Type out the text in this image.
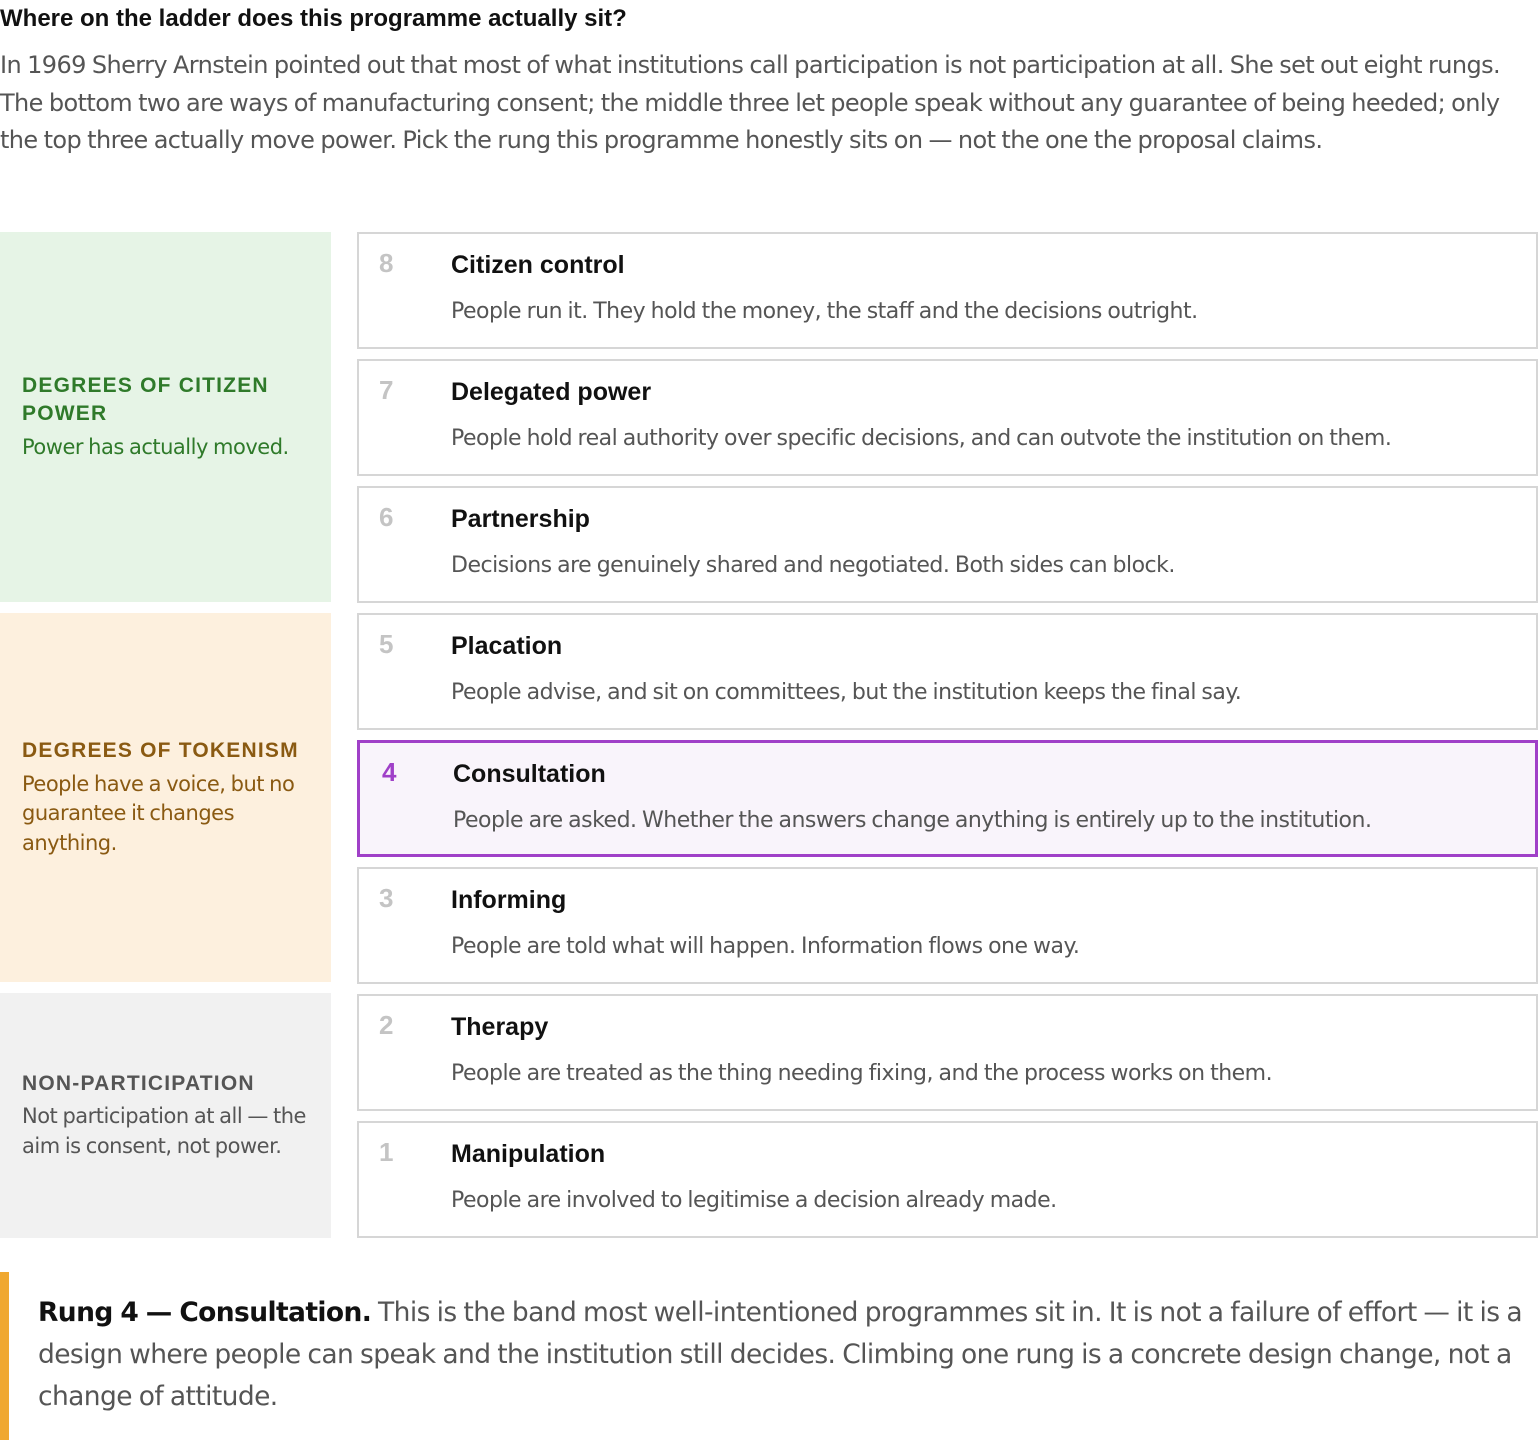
Where on the ladder does this programme actually sit?

In 1969 Sherry Arnstein pointed out that most of what institutions call participation is not participation at all. She set out eight rungs. The bottom two are ways of manufacturing consent; the middle three let people speak without any guarantee of being heeded; only the top three actually move power. Pick the rung this programme honestly sits on — not the one the proposal claims.

DEGREES OF CITIZEN POWER

Power has actually moved.

DEGREES OF TOKENISM

People have a voice, but no guarantee it changes anything.

NON-PARTICIPATION

Not participation at all — the aim is consent, not power.

8 Citizen control
People run it. They hold the money, the staff and the decisions outright.
7 Delegated power
People hold real authority over specific decisions, and can outvote the institution on them.
6 Partnership
Decisions are genuinely shared and negotiated. Both sides can block.
5 Placation
People advise, and sit on committees, but the institution keeps the final say.
4 Consultation
People are asked. Whether the answers change anything is entirely up to the institution.
3 Informing
People are told what will happen. Information flows one way.
2 Therapy
People are treated as the thing needing fixing, and the process works on them.
1 Manipulation
People are involved to legitimise a decision already made.
Rung 4 — Consultation. This is the band most well-intentioned programmes sit in. It is not a failure of effort — it is a design where people can speak and the institution still decides. Climbing one rung is a concrete design change, not a change of attitude.
